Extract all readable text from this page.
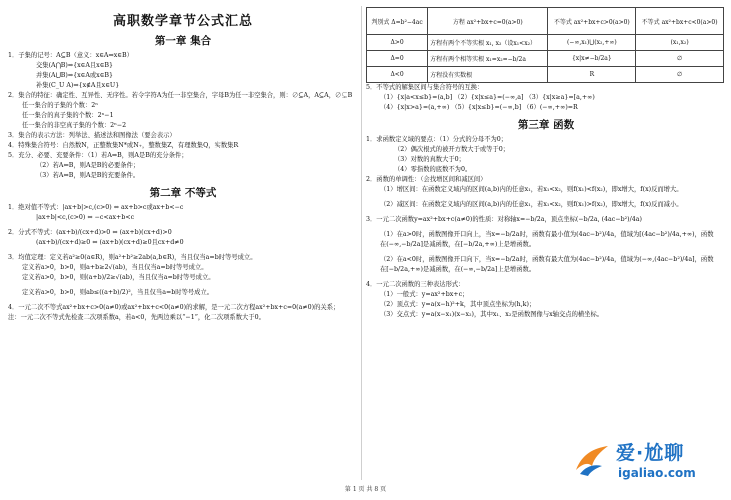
高职数学章节公式汇总
第一章 集合
1．子集的记号：A⊆B（意义：x∈A⇒x∈B）
交集(A⋂B)⇒{x∈A且x∈B}
并集(A⋃B)⇒{x∈A或x∈B}
补集(C_U A)⇒{x∉A且x∈U}
2．集合的特征：确定性、互异性、无序性。若令字符A为任一非空集合，字母B为任一非空集合，则：∅⊆A，A⊆A，∅⊊B
任一集合的子集的个数：2ⁿ
任一集合的真子集的个数：2ⁿ−1
任一集合的非空真子集的个数：2ⁿ−2
3．集合的表示方法：列举法、描述法和图像法（要会表示）
4．特殊集合符号：自然数N，正整数集N*或N₊，整数集Z，有理数集Q，实数集R
5．充分、必要、充要条件：（1）若A⇒B，则A是B的充分条件；
（2）若A⇐B，则A是B的必要条件；
（3）若A⇔B，则A是B的充要条件。
第二章 不等式
1．绝对值不等式：|ax+b|>c,(c>0) ⇔ ax+b>c或ax+b<−c
|ax+b|<c,(c>0) ⇔ −c<ax+b<c
2．分式不等式：(ax+b)/(cx+d)>0 ⇔ (ax+b)(cx+d)>0
(ax+b)/(cx+d)≥0 ⇔ (ax+b)(cx+d)≥0且cx+d≠0
3．均值定理：定义若a²≥0(a∈R)，则a²+b²≥2ab(a,b∈R)，当且仅当a=b时等号成立。
定义若a>0，b>0，则a+b≥2√(ab)，当且仅当a=b时等号成立。
定义若a>0，b>0，则(a+b)/2≥√(ab)，当且仅当a=b时等号成立。
定义若a>0，b>0，则ab≤((a+b)/2)²，当且仅当a=b时等号成立。
4．一元二次不等式ax²+bx+c>0(a≠0)或ax²+bx+c<0(a≠0)的求解，是一元二次方程ax²+bx+c=0(a≠0)的关系；
注：一元二次不等式先检查二次项系数a，若a<0，先两边乘以“−1”，化二次项系数大于0。
判别式 Δ=b²−4ac	方程 ax²+bx+c=0(a>0)	不等式 ax²+bx+c>0(a>0)	不等式 ax²+bx+c<0(a>0)
Δ>0	方程有两个不等实根 x₁, x₂（设x₁<x₂）	(−∞,x₁)⋃(x₂,+∞)	(x₁,x₂)
Δ=0	方程有两个相等实根 x₁=x₂=−b/2a	{x|x≠−b/2a}	∅
Δ<0	方程没有实数根	R	∅
5．不等式的解集区间与集合符号的互换：
（1）{x|a<x≤b}=(a,b] （2）{x|x≤a}=(−∞,a] （3）{x|x≥a}=[a,+∞)
（4）{x|x>a}=(a,+∞) （5）{x|x≤b}=(−∞,b] （6）(−∞,+∞)=R
第三章 函数
1．求函数定义域的要点：（1）分式的分母不为0；
（2）偶次根式的被开方数大于或等于0；
（3）对数的真数大于0；
（4）零指数的底数不为0。
2．函数的单调性：（会找增区间和减区间）
（1）增区间：在函数定义域内的区间(a,b)内的任意x₁，若x₁<x₂，则f(x₁)<f(x₂)，即x增大，f(x)反而增大。
（2）减区间：在函数定义域内的区间(a,b)内的任意x₁，若x₁<x₂，则f(x₁)>f(x₂)，即x增大，f(x)反而减小。
3．一元二次函数y=ax²+bx+c(a≠0)的性质：对称轴x=−b/2a，顶点坐标(−b/2a, (4ac−b²)/4a)
（1）在a>0时，函数图像开口向上，当x=−b/2a时，函数有最小值为(4ac−b²)/4a，值域为[(4ac−b²)/4a,+∞)，函数
在(−∞,−b/2a]是减函数，在[−b/2a,+∞)上是增函数。
（2）在a<0时，函数图像开口向下，当x=−b/2a时，函数有最大值为(4ac−b²)/4a，值域为(−∞,(4ac−b²)/4a]，函数
在[−b/2a,+∞)是减函数，在(−∞,−b/2a]上是增函数。
4．一元二次函数的三种表达形式：
（1）一般式：y=ax²+bx+c；
（2）顶点式：y=a(x−h)²+k，其中顶点坐标为(h,k)；
（3）交点式：y=a(x−x₁)(x−x₂)，其中x₁、x₂是函数图像与x轴交点的横坐标。
第 1 页 共 8 页
爱·尬聊
igaliao.com
